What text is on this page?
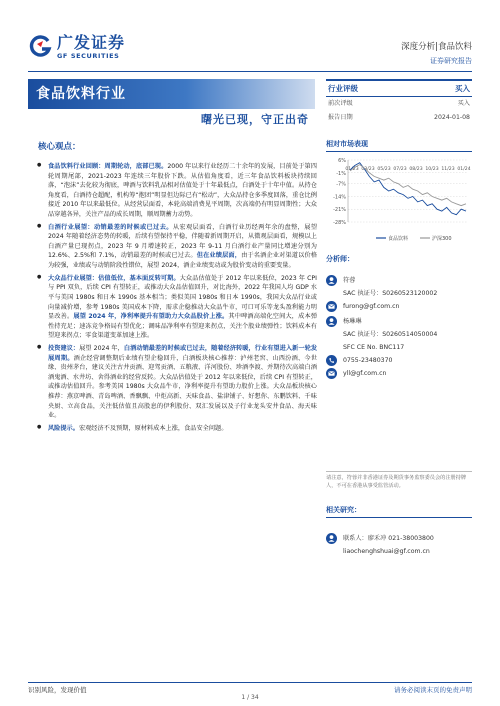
广发证券
GF SECURITIES
深度分析|食品饮料
证券研究报告
食品饮料行业
曙光已现，守正出奇
核心观点：
● 食品饮料行业回顾：周期轮动，底部已现。2000 年以来行业经历二十余年的发展，目前处于第四轮周期尾部，2021-2023 年连续三年股价下跌。从估值角度看，近三年食品饮料板块持续回落，“泡沫”去化较为彻底，啤酒与饮料乳品相对估值处于十年最低点，白酒处于十年中值。从持仓角度看，白酒持仓超配，机构筹“抱团”明显但边际已有“松动”，大众品持仓多季度回落，重仓比例接近 2010 年以来最低位。从经营层面看，本轮高端消费见平周期，次高端仍有明显周期性；大众品穿越各异，关注产品的成长周期，顺周期蓄力动势。
● 白酒行业展望：动销最差的时候或已过去。从宏观层面看，白酒行业历经两年余的盘整，展望 2024 年随着经济态势的转暖，后续有望保持平稳，伴随着新周期开启，从微观层面看，规模以上白酒产量已现拐点，2023 年 9 月增速转正，2023 年 9-11 月白酒行业产量同比增速分别为 12.6%、2.5%和 7.1%，动销最差的时候或已过去。但在业绩层面，由于名酒企业对渠道以价格为较强，业绩或与动销阶段性错位，展望 2024，酒企业绩变动或为股价变动的重要变量。
● 大众品行业展望：估值低位，基本面反转可期。大众品估值处于 2012 年以来低位，2023 年 CPI 与 PPI 双负，后续 CPI 有望转正，或推动大众品估值回升，对比海外，2022 年我国人均 GDP 水平与美国 1980s 和日本 1990s 基本相当；类似美国 1980s 和日本 1990s，我国大众品行业或向量减价增，参考 1980s 美国成本下降，需求企稳推动大众品牛市，可口可乐等龙头盈利能力明显改善。展望 2024 年，净利率提升有望助力大众品股价上涨。其中啤酒高端化空间大，成本弹性持充足；速冻竞争格局有望优化；调味品净利率有望迎来拐点，关注个股业绩弹性；饮料成本有望迎来拐点；零食渠道变革加速上涨。
● 投资建议：展望 2024 年，白酒动销最差的时候或已过去，随着经济转暖，行业有望进入新一轮发展周期。酒企经营调整期后业绩有望企稳回升，白酒板块核心推荐：泸州老窖、山西汾酒、今世缘、贵州茅台，建议关注古井贡酒、迎驾贡酒、五粮液、洋河股份、珍酒李渡、并期待次高端白酒酒鬼酒、水井坊、舍得酒业的经营反转。大众品估值处于 2012 年以来低位，后续 CPI 有望转正，或推动估值回升。参考美国 1980s 大众品牛市，净利率提升有望助力股价上涨。大众品板块核心推荐：燕京啤酒、青岛啤酒、香飘飘、中炬高新、天味食品、盐津铺子、好想你、东鹏饮料、千味央厨、立高食品，关注低估值且高股息的伊利股份、双汇发展以及子行业龙头安井食品、海天味业。
● 风险提示。宏观经济不及预期，原材料成本上涨，食品安全问题。
行业评级	买入
前次评级	买入
报告日期	2024-01-08
相对市场表现
6%
-1%
-7%
-14%
-21%
-28%
01/23 03/23 05/23 07/23 08/23 10/23 11/23 01/24
食品饮料	沪深300
分析师：
符蓉
SAC 执证号：S0260523120002
furong@gf.com.cn
杨琳琳
SAC 执证号：S0260514050004
SFC CE No. BNC117
0755-23480370
yll@gf.com.cn
请注意，符蓉并非香港证券及期货事务监察委员会的注册持牌人，不可在香港从事受监管活动。
相关研究：
联系人：廖禾冲 021-38003800
liaochenghshuai@gf.com.cn
识别风险，发现价值	请务必阅读末页的免责声明
1 / 34
